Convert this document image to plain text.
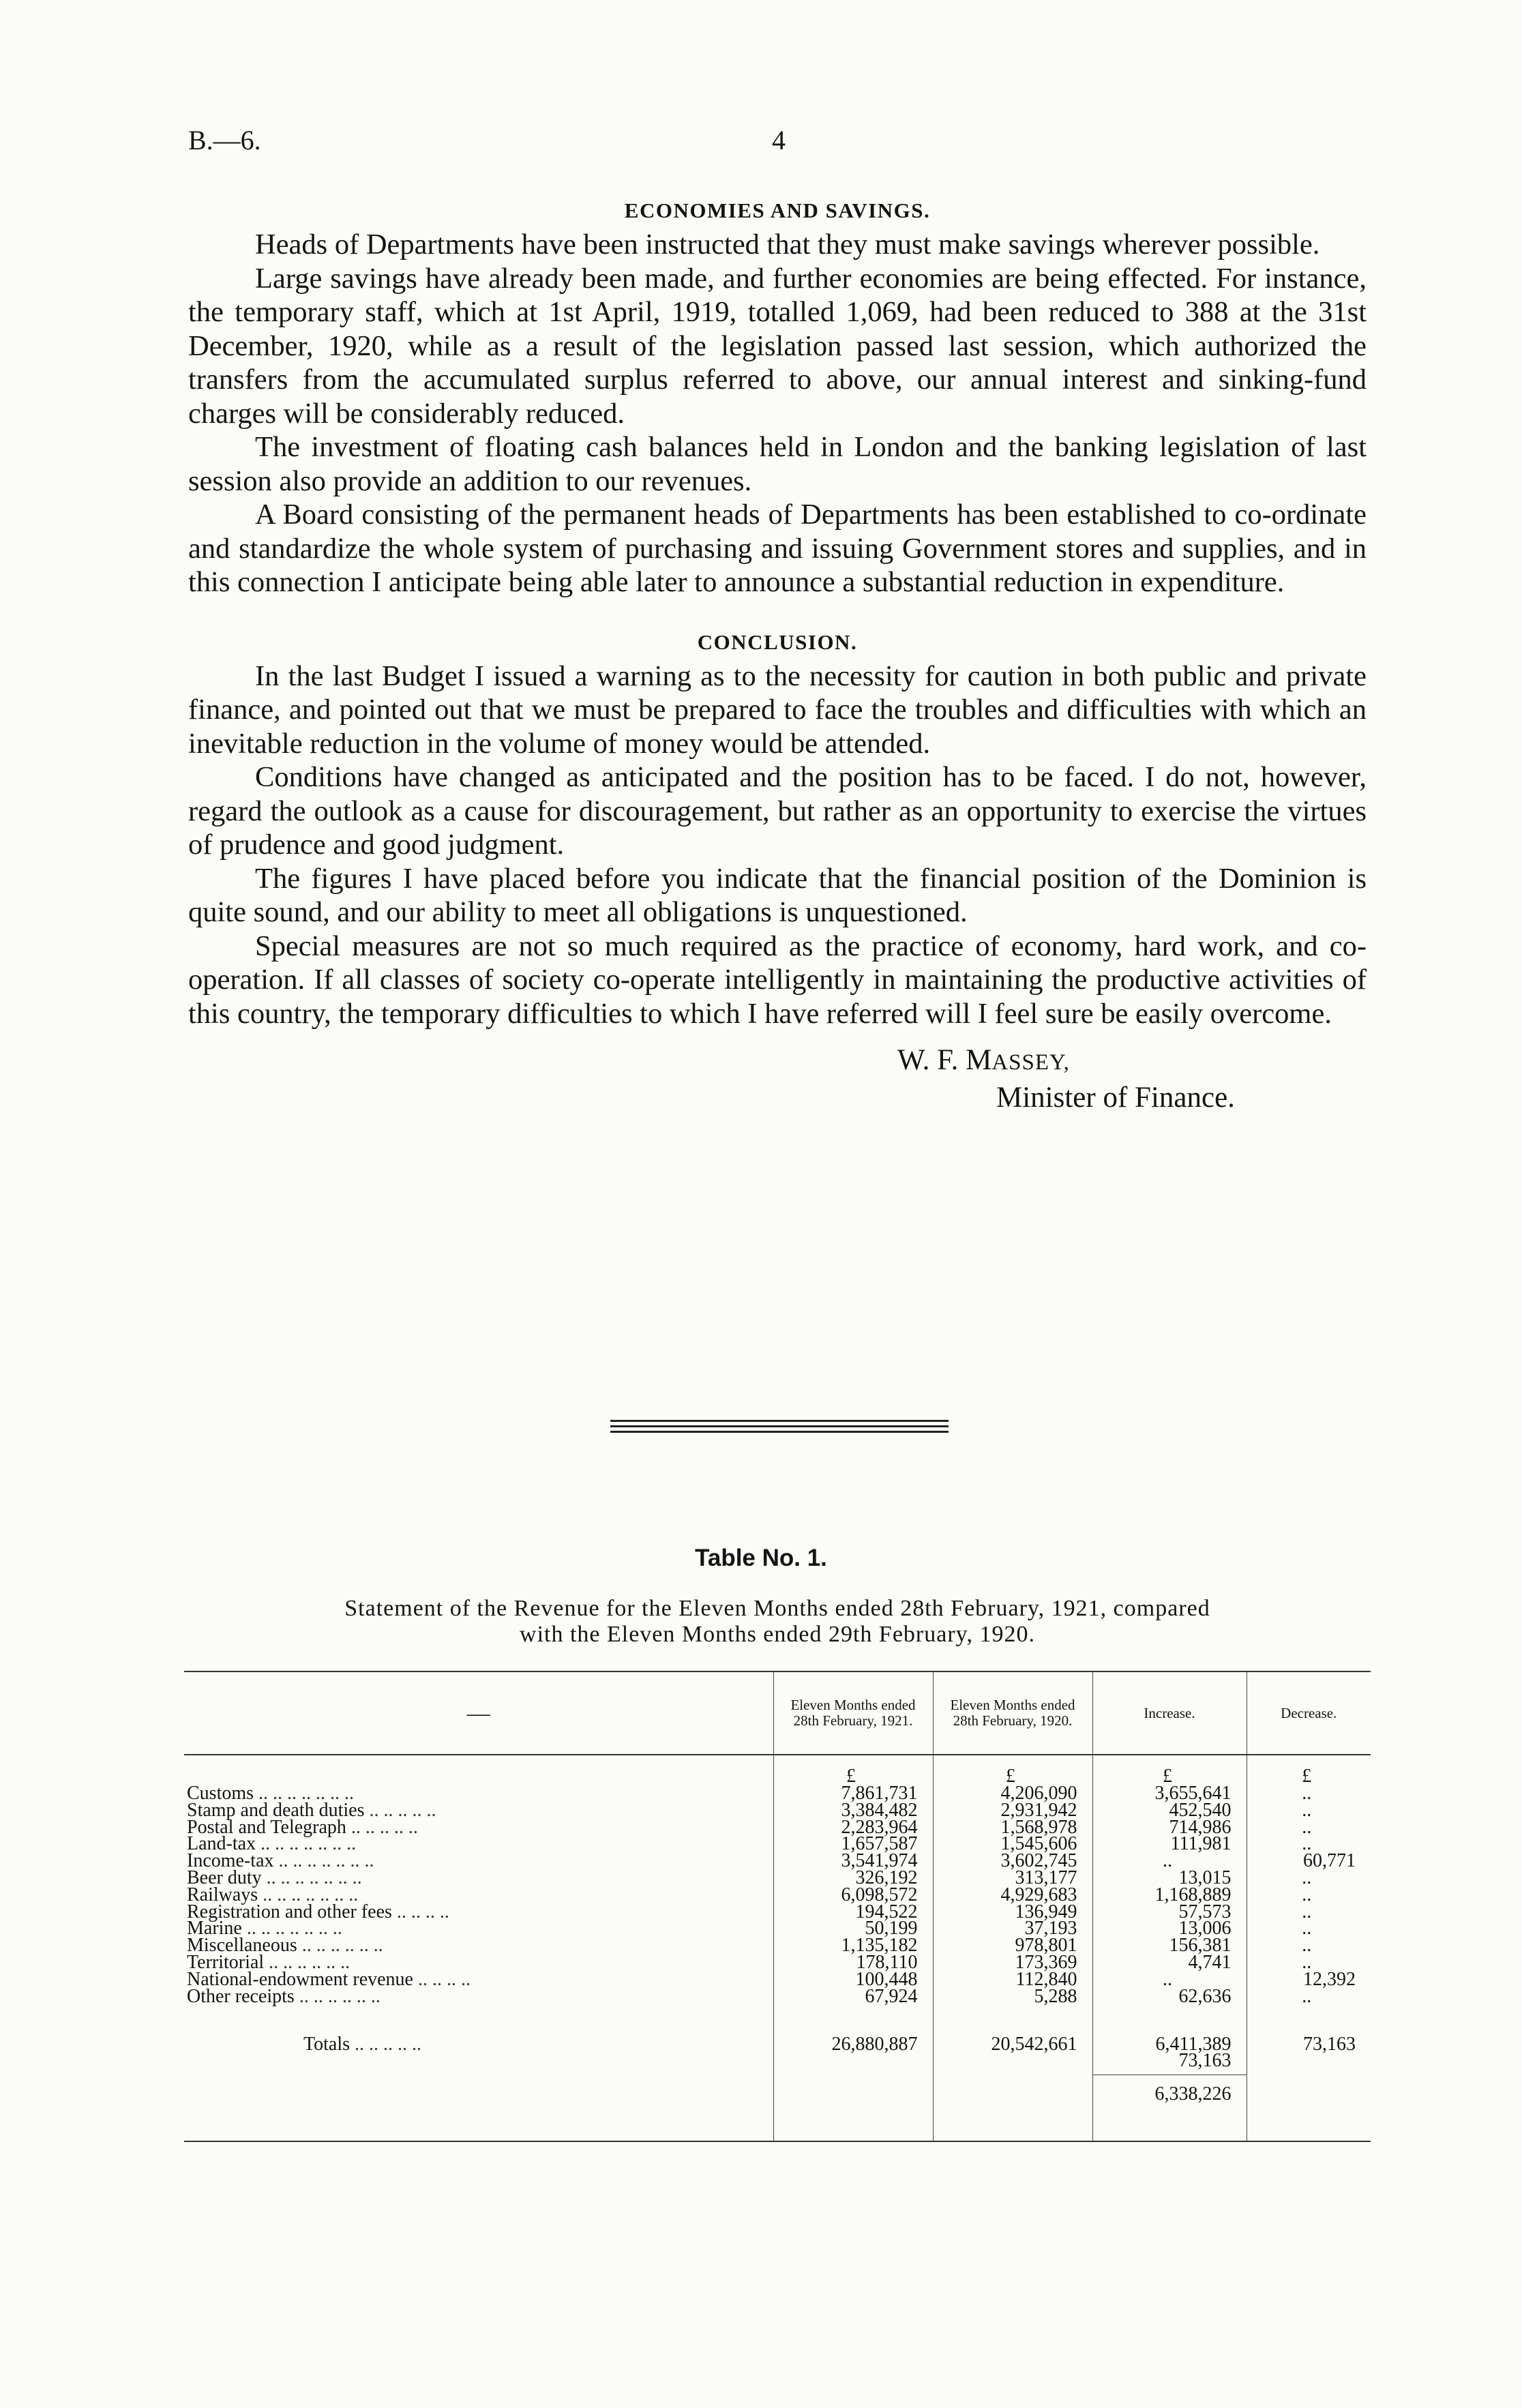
B.—6.	4
ECONOMIES AND SAVINGS.

Heads of Departments have been instructed that they must make savings wherever possible.

Large savings have already been made, and further economies are being effected. For instance, the temporary staff, which at 1st April, 1919, totalled 1,069, had been reduced to 388 at the 31st December, 1920, while as a result of the legislation passed last session, which authorized the transfers from the accumulated surplus referred to above, our annual interest and sinking-fund charges will be considerably reduced.

The investment of floating cash balances held in London and the banking legislation of last session also provide an addition to our revenues.

A Board consisting of the permanent heads of Departments has been established to co-ordinate and standardize the whole system of purchasing and issuing Government stores and supplies, and in this connection I anticipate being able later to announce a substantial reduction in expenditure.

CONCLUSION.

In the last Budget I issued a warning as to the necessity for caution in both public and private finance, and pointed out that we must be prepared to face the troubles and difficulties with which an inevitable reduction in the volume of money would be attended.

Conditions have changed as anticipated and the position has to be faced. I do not, however, regard the outlook as a cause for discouragement, but rather as an opportunity to exercise the virtues of prudence and good judgment.

The figures I have placed before you indicate that the financial position of the Dominion is quite sound, and our ability to meet all obligations is unquestioned.

Special measures are not so much required as the practice of economy, hard work, and co-operation. If all classes of society co-operate intelligently in maintaining the productive activities of this country, the temporary difficulties to which I have referred will I feel sure be easily overcome.

W. F. MASSEY,
Minister of Finance.
Table No. 1.
Statement of the Revenue for the Eleven Months ended 28th February, 1921, compared
with the Eleven Months ended 29th February, 1920.
—	Eleven Months ended 28th February, 1921.	Eleven Months ended 28th February, 1920.	Increase.	Decrease.
	£	£	£	£
Customs .. .. .. .. .. .. ..	7,861,731	4,206,090	3,655,641	..
Stamp and death duties .. .. .. .. ..	3,384,482	2,931,942	452,540	..
Postal and Telegraph .. .. .. .. ..	2,283,964	1,568,978	714,986	..
Land-tax .. .. .. .. .. .. ..	1,657,587	1,545,606	111,981	..
Income-tax .. .. .. .. .. .. ..	3,541,974	3,602,745	..	60,771
Beer duty .. .. .. .. .. .. ..	326,192	313,177	13,015	..
Railways .. .. .. .. .. .. ..	6,098,572	4,929,683	1,168,889	..
Registration and other fees .. .. .. ..	194,522	136,949	57,573	..
Marine .. .. .. .. .. .. ..	50,199	37,193	13,006	..
Miscellaneous .. .. .. .. .. ..	1,135,182	978,801	156,381	..
Territorial .. .. .. .. .. ..	178,110	173,369	4,741	..
National-endowment revenue .. .. .. ..	100,448	112,840	..	12,392
Other receipts .. .. .. .. .. ..	67,924	5,288	62,636	..

Totals .. .. .. .. ..	26,880,887	20,542,661	6,411,389	73,163
			73,163	
			6,338,226	
